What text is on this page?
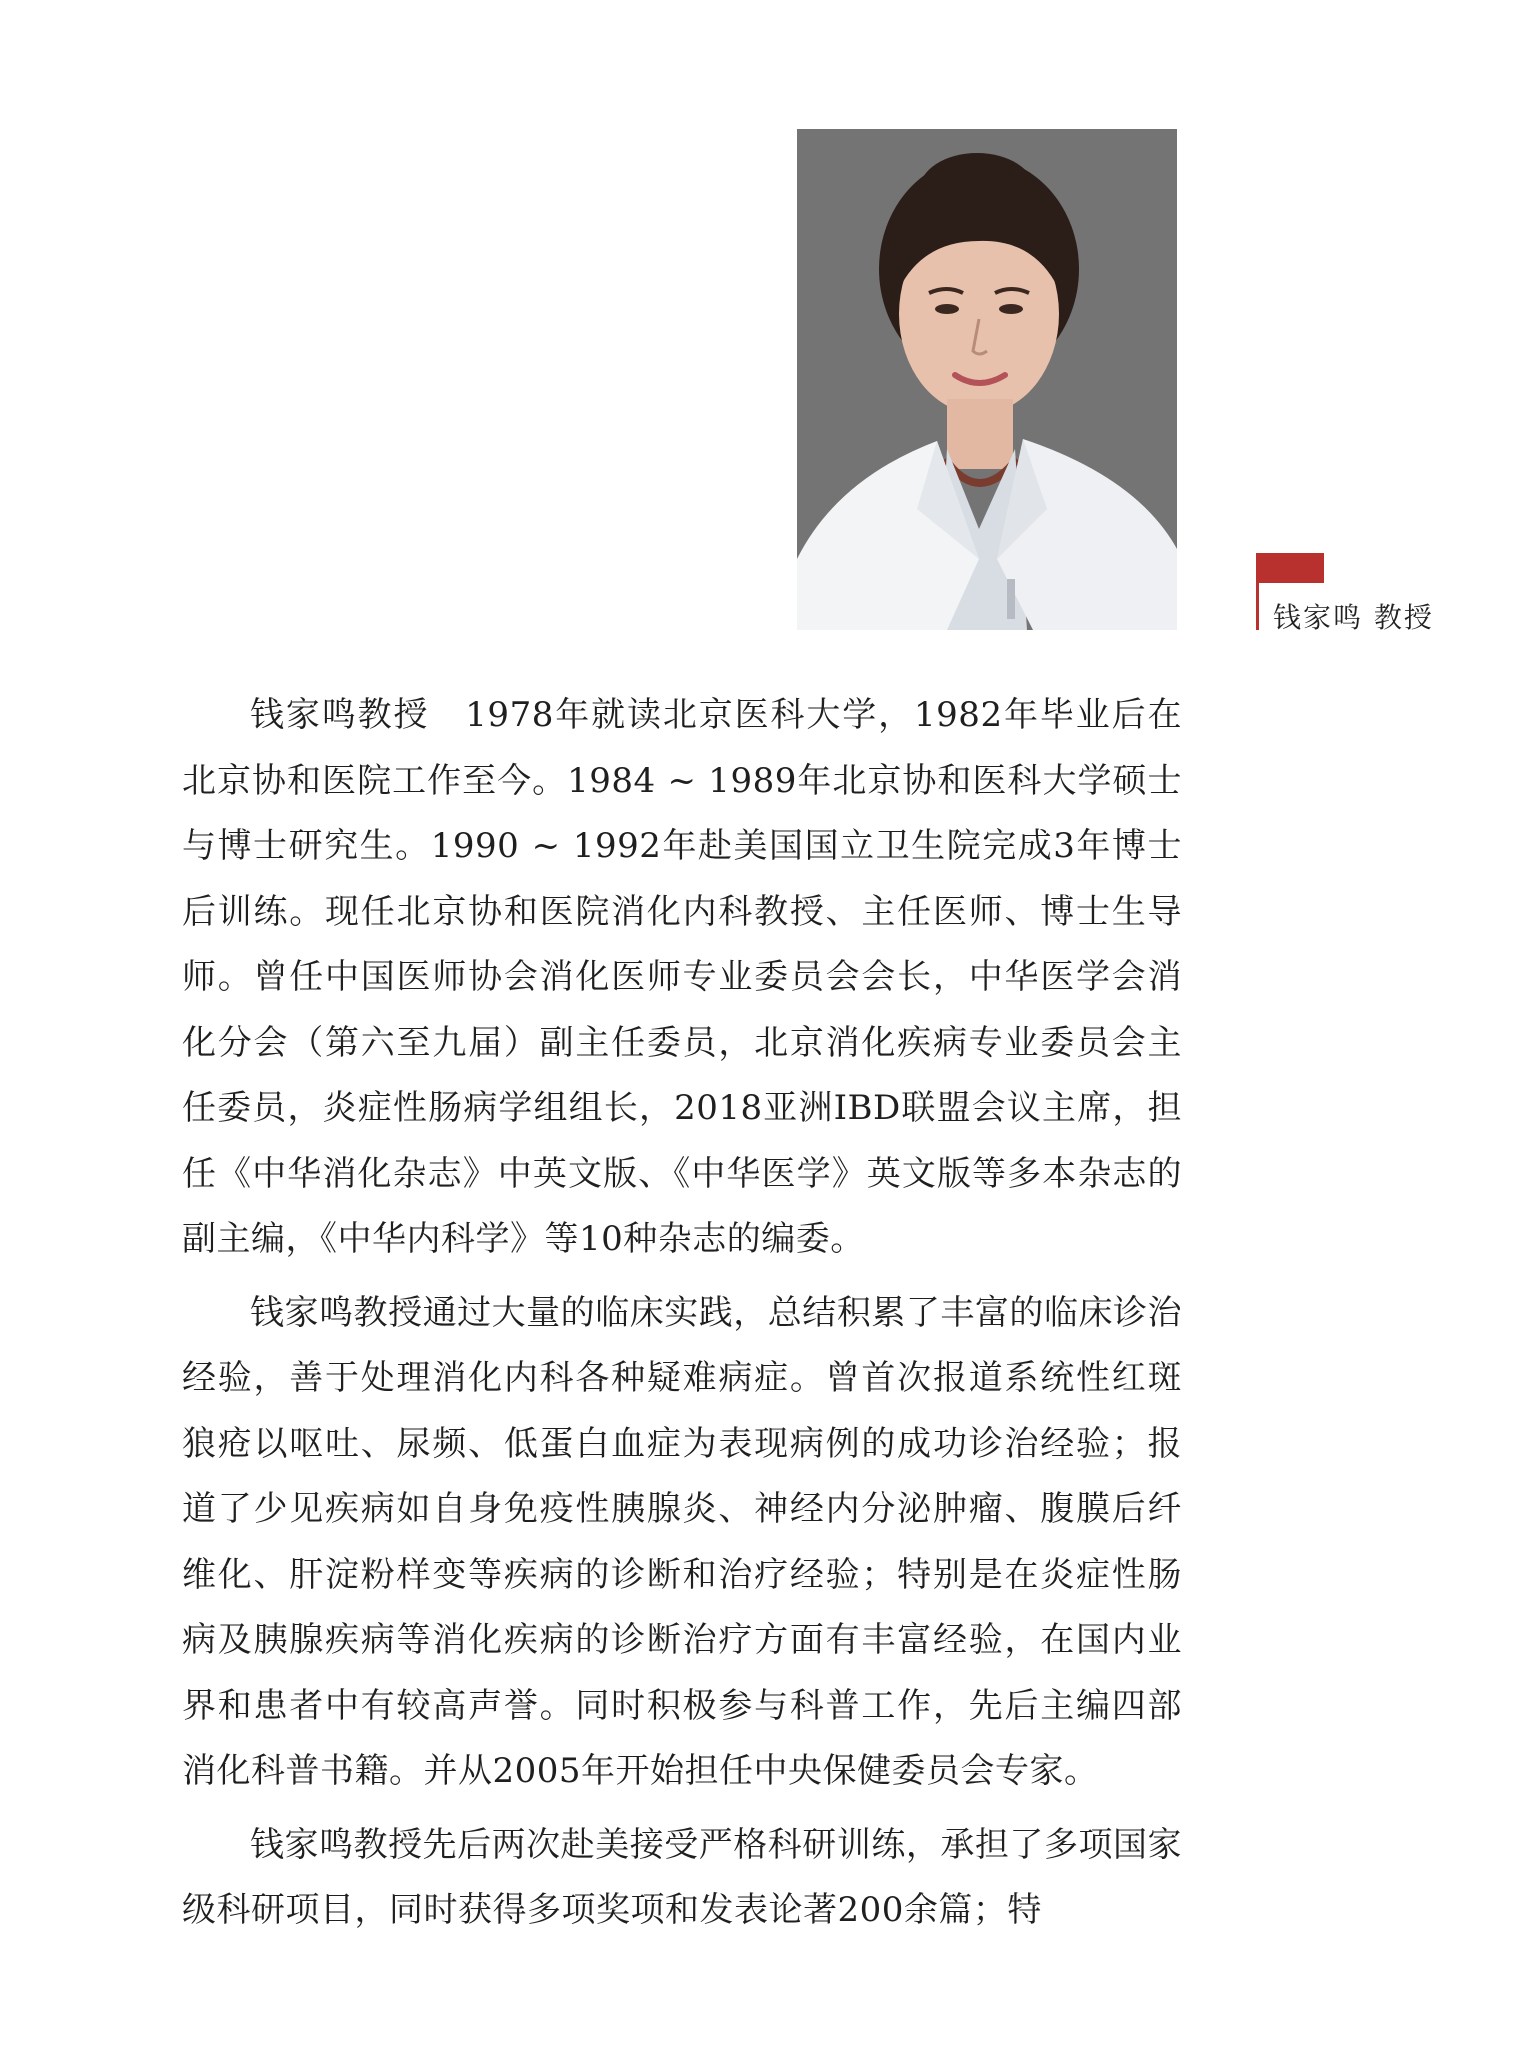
钱家鸣 教授

钱家鸣教授　1978年就读北京医科大学，1982年毕业后在北京协和医院工作至今。1984 ~ 1989年北京协和医科大学硕士与博士研究生。1990 ~ 1992年赴美国国立卫生院完成3年博士后训练。现任北京协和医院消化内科教授、主任医师、博士生导师。曾任中国医师协会消化医师专业委员会会长，中华医学会消化分会（第六至九届）副主任委员，北京消化疾病专业委员会主任委员，炎症性肠病学组组长，2018亚洲IBD联盟会议主席，担任《中华消化杂志》中英文版、《中华医学》英文版等多本杂志的副主编，《中华内科学》等10种杂志的编委。

钱家鸣教授通过大量的临床实践，总结积累了丰富的临床诊治经验，善于处理消化内科各种疑难病症。曾首次报道系统性红斑狼疮以呕吐、尿频、低蛋白血症为表现病例的成功诊治经验；报道了少见疾病如自身免疫性胰腺炎、神经内分泌肿瘤、腹膜后纤维化、肝淀粉样变等疾病的诊断和治疗经验；特别是在炎症性肠病及胰腺疾病等消化疾病的诊断治疗方面有丰富经验，在国内业界和患者中有较高声誉。同时积极参与科普工作，先后主编四部消化科普书籍。并从2005年开始担任中央保健委员会专家。

钱家鸣教授先后两次赴美接受严格科研训练，承担了多项国家级科研项目，同时获得多项奖项和发表论著200余篇；特
